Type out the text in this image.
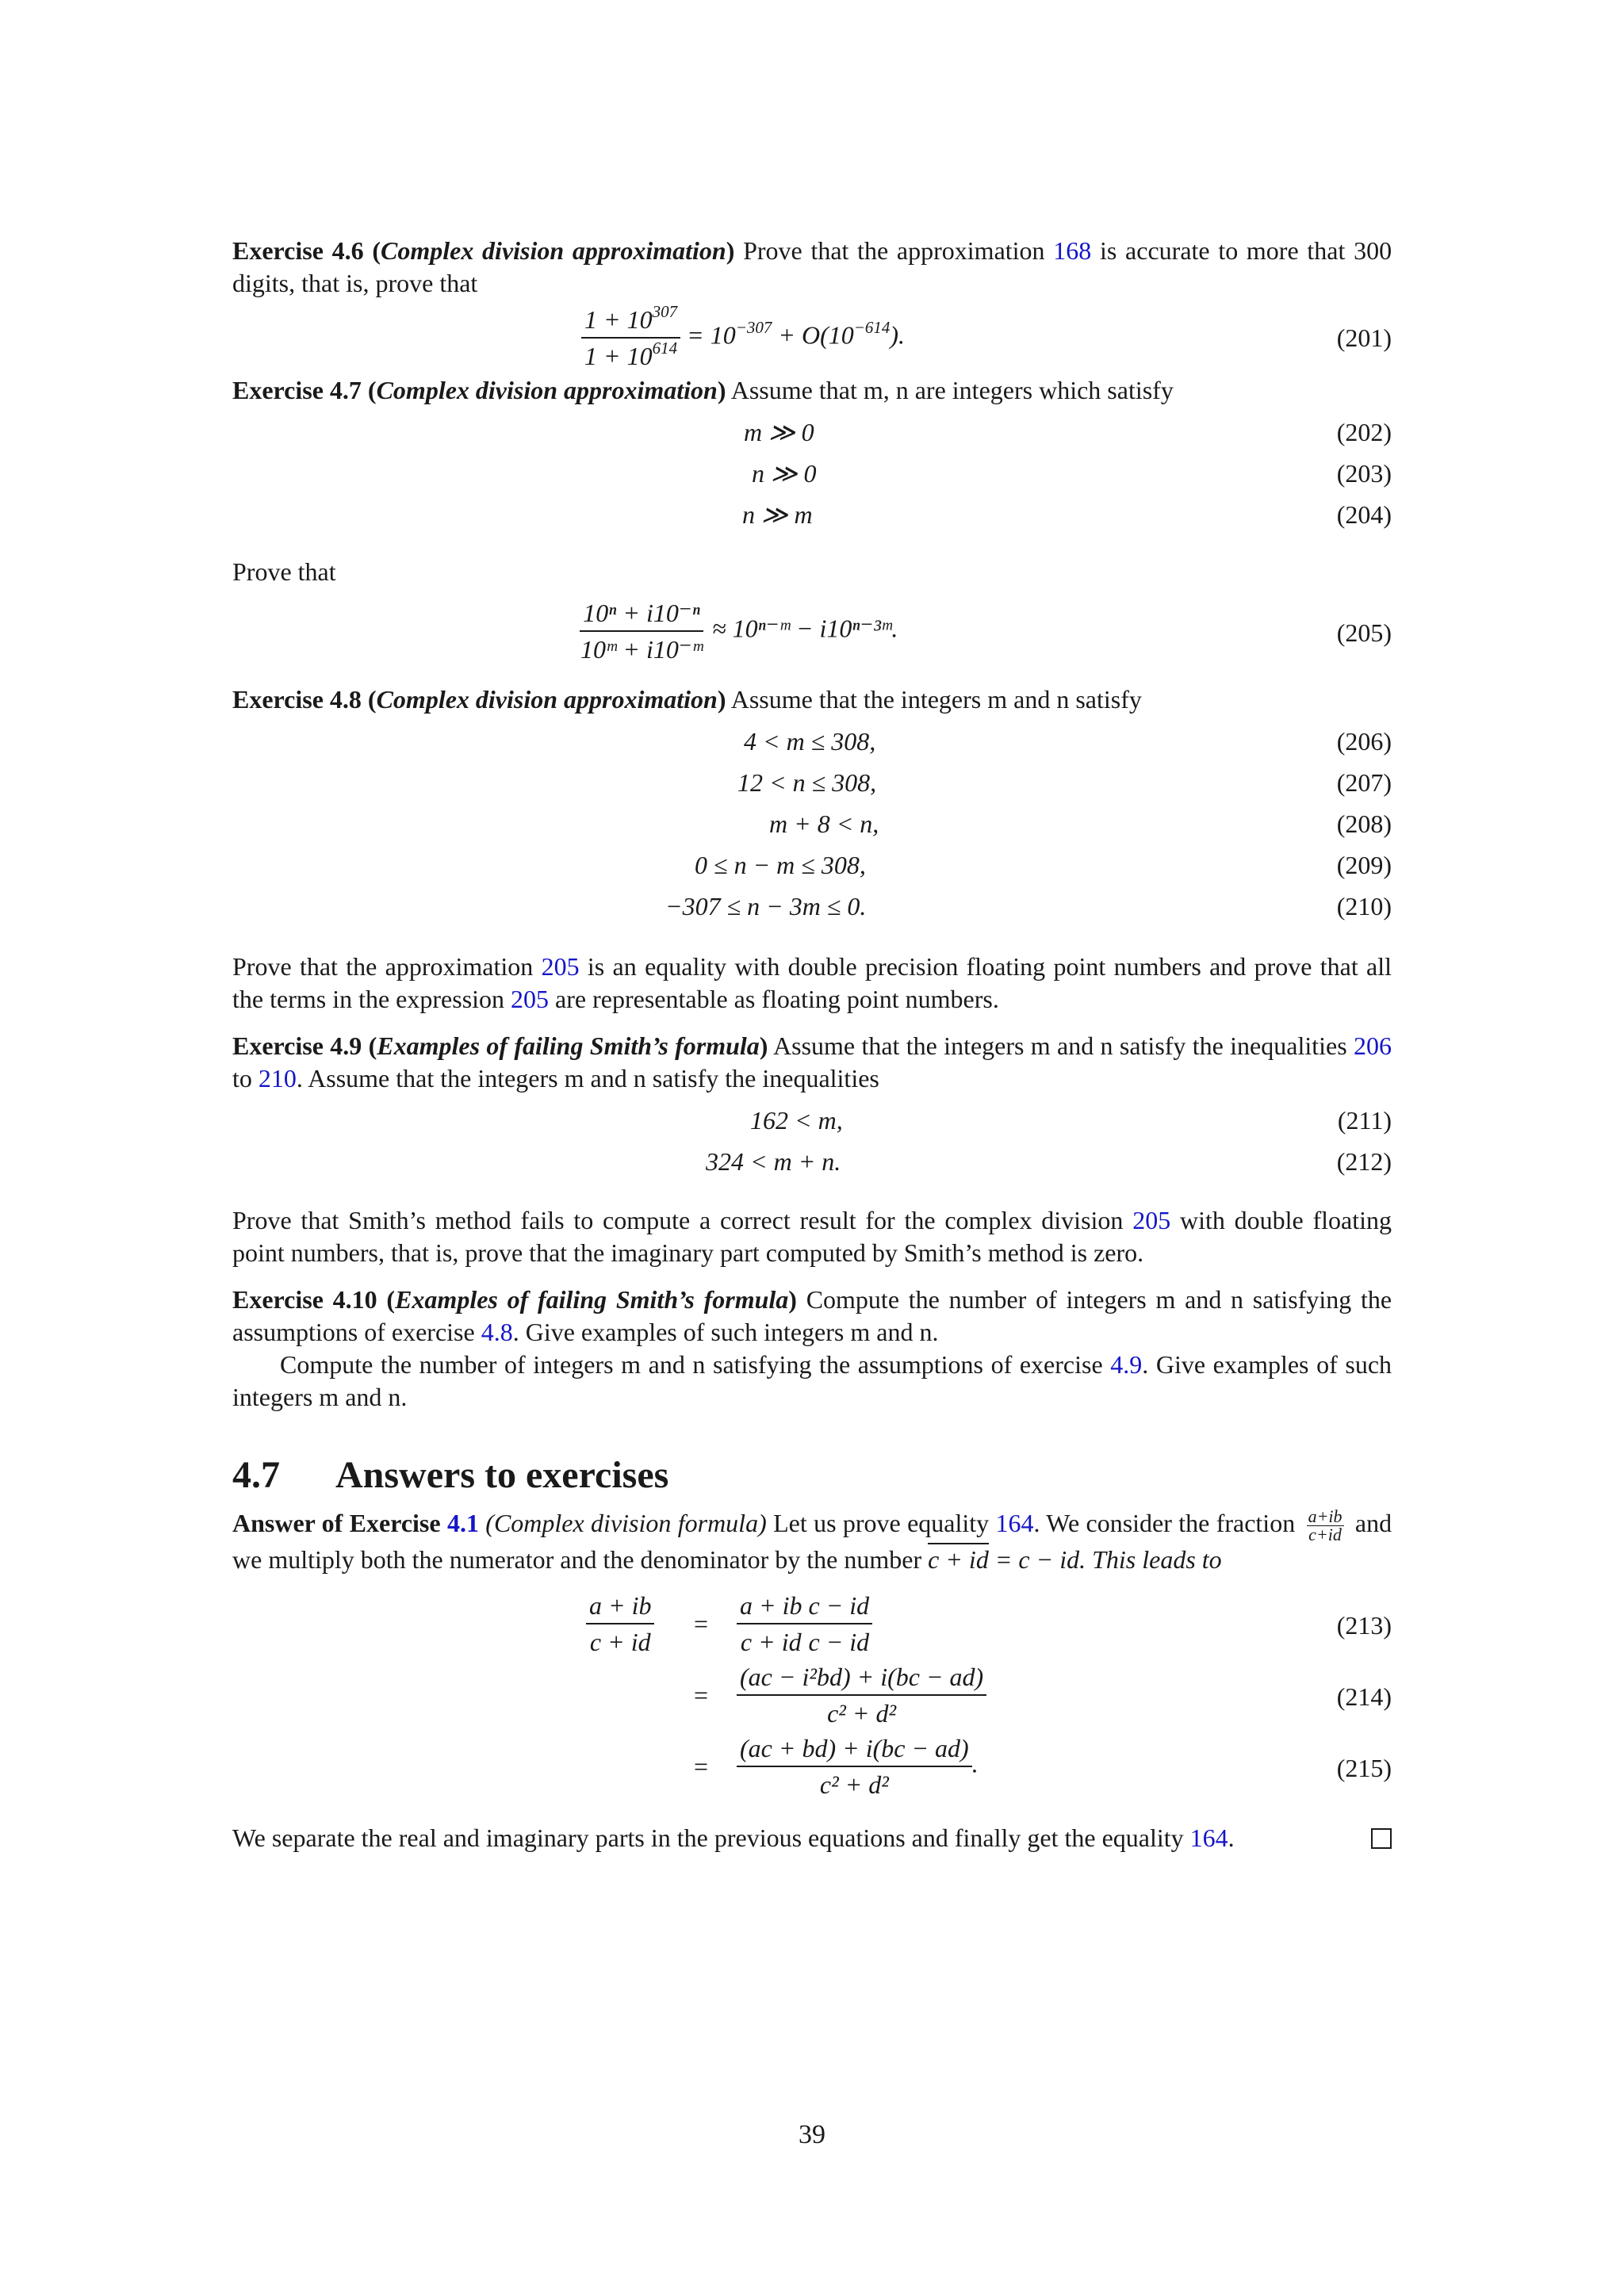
Exercise 4.6 (Complex division approximation) Prove that the approximation 168 is accurate to more that 300 digits, that is, prove that

$\frac{1 + 10^{307}}{1 + 10^{614}} = 10^{-307} + O(10^{-614})$.	(201)

Exercise 4.7 (Complex division approximation) Assume that m, n are integers which satisfy

m ≫ 0	(202)
n ≫ 0	(203)
n ≫ m	(204)

Prove that

$\frac{\text{10ⁿ + i10⁻ⁿ}}{\text{10ᵐ + i10⁻ᵐ}}$ ≈ 10ⁿ⁻ᵐ − i10ⁿ⁻³ᵐ.	(205)

Exercise 4.8 (Complex division approximation) Assume that the integers m and n satisfy

4 < m ≤ 308,	(206)
12 < n ≤ 308,	(207)
m + 8 < n,	(208)
0 ≤ n − m ≤ 308,	(209)
−307 ≤ n − 3m ≤ 0.	(210)

Prove that the approximation 205 is an equality with double precision floating point numbers and prove that all the terms in the expression 205 are representable as floating point numbers.

Exercise 4.9 (Examples of failing Smith’s formula) Assume that the integers m and n satisfy the inequalities 206 to 210. Assume that the integers m and n satisfy the inequalities

162 < m,	(211)
324 < m + n.	(212)

Prove that Smith’s method fails to compute a correct result for the complex division 205 with double floating point numbers, that is, prove that the imaginary part computed by Smith’s method is zero.

Exercise 4.10 (Examples of failing Smith’s formula) Compute the number of integers m and n satisfying the assumptions of exercise 4.8. Give examples of such integers m and n.

Compute the number of integers m and n satisfying the assumptions of exercise 4.9. Give examples of such integers m and n.

4.7 Answers to exercises

Answer of Exercise 4.1 (Complex division formula) Let us prove equality 164. We consider the fraction $\frac{a+ib}{c+id}$ and we multiply both the numerator and the denominator by the number c + id = c − id. This leads to

$\frac{a + ib}{c + id} = \frac{a + ib}{c + id} \frac{c - id}{c - id}$	(213)
= $\frac{\text{(ac − i²bd) + i(bc − ad)}}{\text{c² + d²}}$	(214)
= $\frac{(ac + bd) + i(bc - ad)}{\text{c² + d²}}$ .	(215)

We separate the real and imaginary parts in the previous equations and finally get the equality 164.

39
